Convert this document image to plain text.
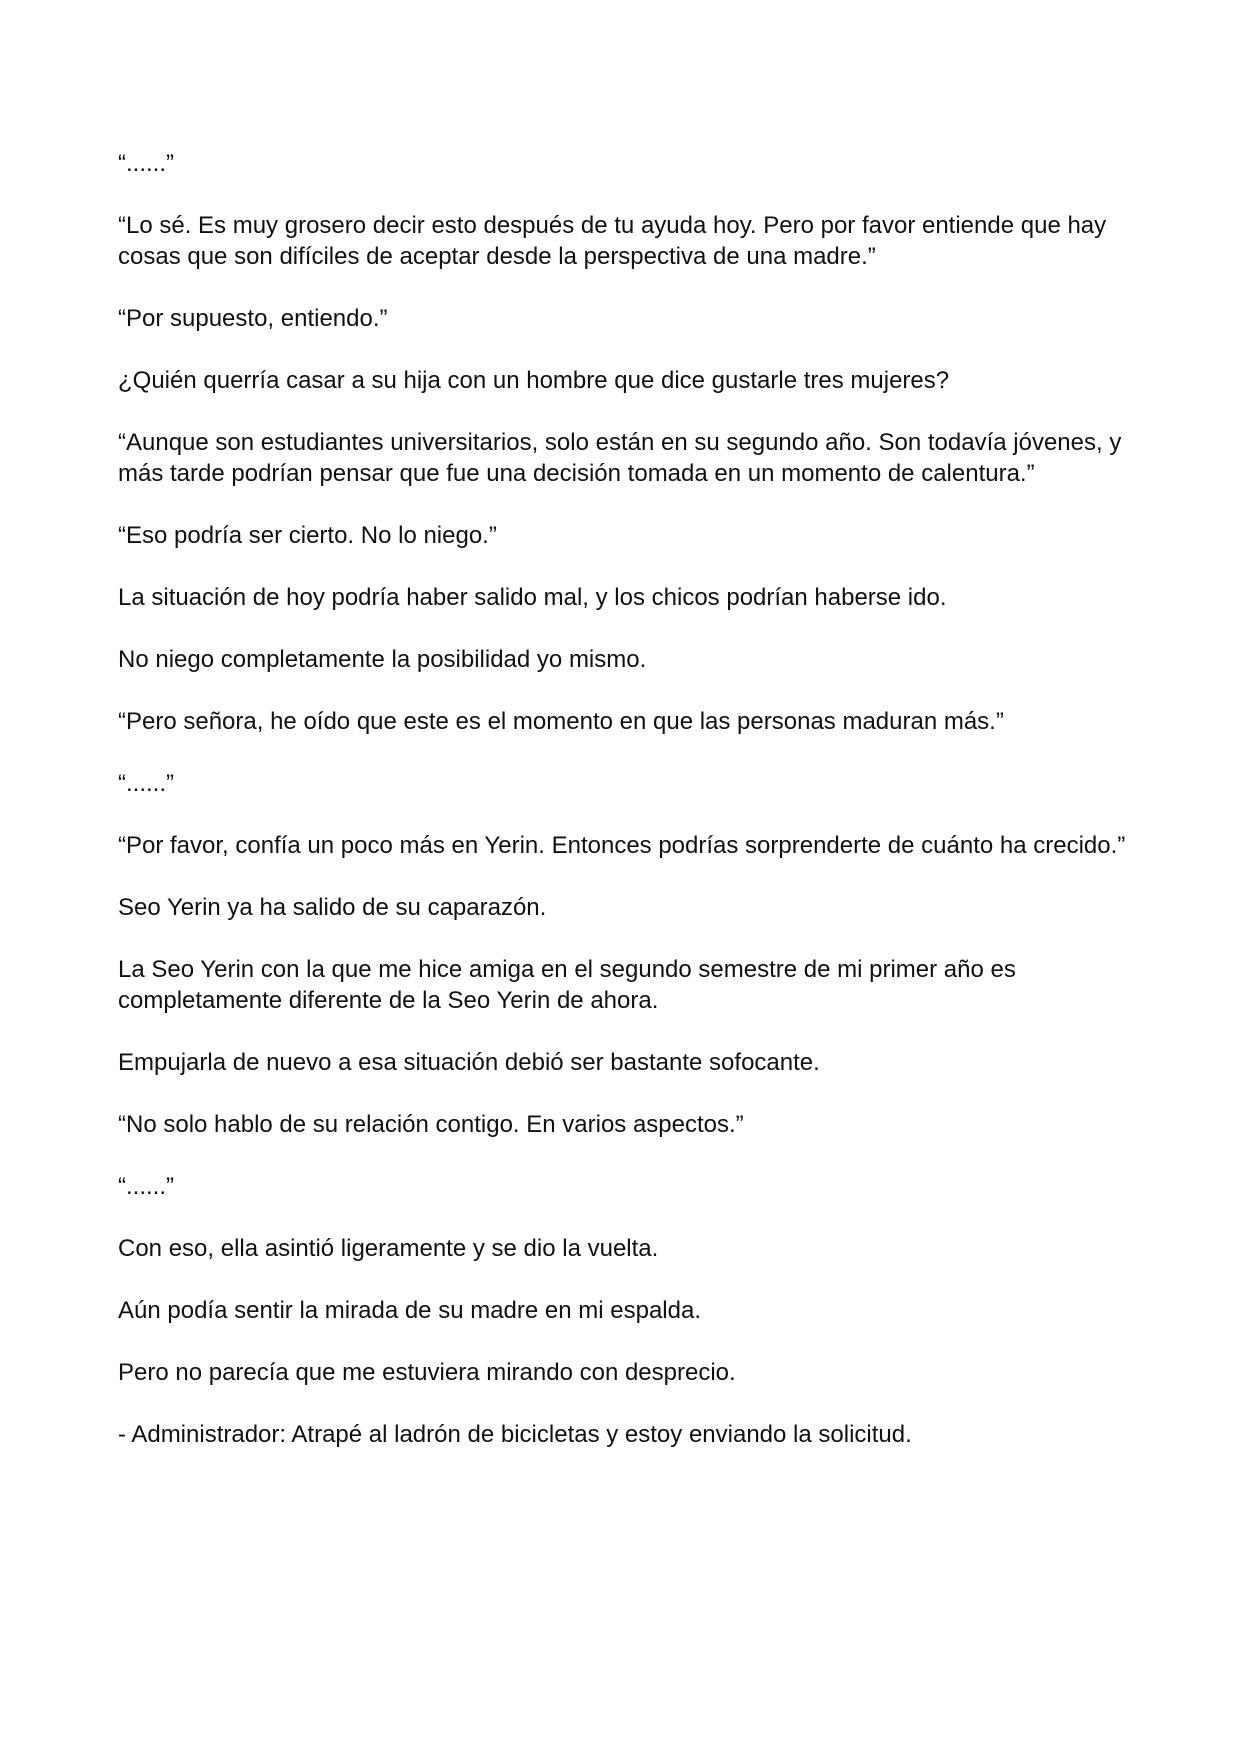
“......”

“Lo sé. Es muy grosero decir esto después de tu ayuda hoy. Pero por favor entiende que hay cosas que son difíciles de aceptar desde la perspectiva de una madre.”

“Por supuesto, entiendo.”

¿Quién querría casar a su hija con un hombre que dice gustarle tres mujeres?

“Aunque son estudiantes universitarios, solo están en su segundo año. Son todavía jóvenes, y más tarde podrían pensar que fue una decisión tomada en un momento de calentura.”

“Eso podría ser cierto. No lo niego.”

La situación de hoy podría haber salido mal, y los chicos podrían haberse ido.

No niego completamente la posibilidad yo mismo.

“Pero señora, he oído que este es el momento en que las personas maduran más.”

“......”

“Por favor, confía un poco más en Yerin. Entonces podrías sorprenderte de cuánto ha crecido.”

Seo Yerin ya ha salido de su caparazón.

La Seo Yerin con la que me hice amiga en el segundo semestre de mi primer año es completamente diferente de la Seo Yerin de ahora.

Empujarla de nuevo a esa situación debió ser bastante sofocante.

“No solo hablo de su relación contigo. En varios aspectos.”

“......”

Con eso, ella asintió ligeramente y se dio la vuelta.

Aún podía sentir la mirada de su madre en mi espalda.

Pero no parecía que me estuviera mirando con desprecio.

- Administrador: Atrapé al ladrón de bicicletas y estoy enviando la solicitud.
